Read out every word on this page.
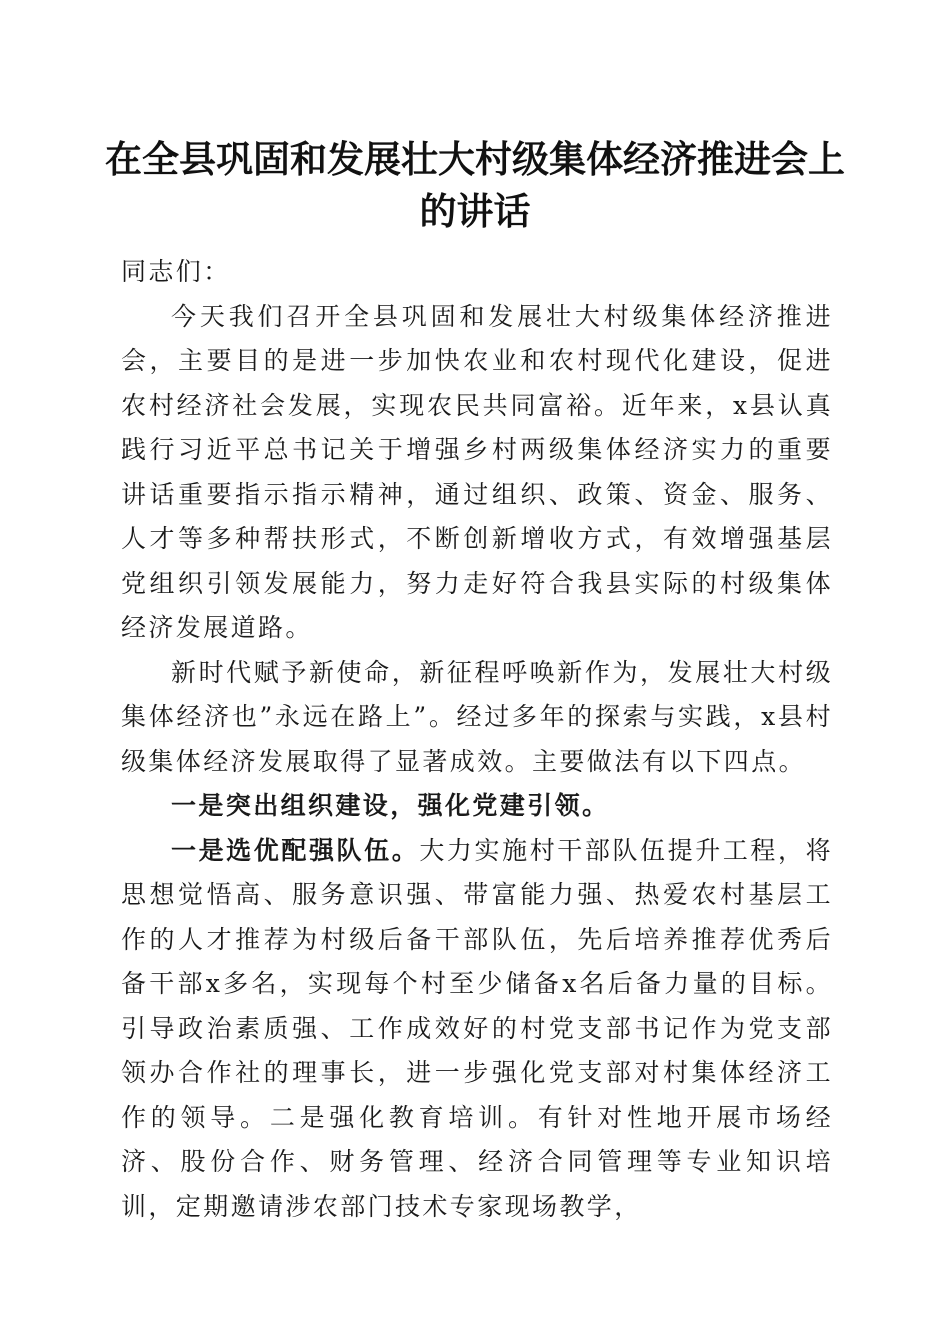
在全县巩固和发展壮大村级集体经济推进会上
的讲话

同志们：

今天我们召开全县巩固和发展壮大村级集体经济推进会，主要目的是进一步加快农业和农村现代化建设，促进农村经济社会发展，实现农民共同富裕。近年来，x县认真践行习近平总书记关于增强乡村两级集体经济实力的重要讲话重要指示指示精神，通过组织、政策、资金、服务、人才等多种帮扶形式，不断创新增收方式，有效增强基层党组织引领发展能力，努力走好符合我县实际的村级集体经济发展道路。

新时代赋予新使命，新征程呼唤新作为，发展壮大村级集体经济也”永远在路上”。经过多年的探索与实践，x县村级集体经济发展取得了显著成效。主要做法有以下四点。

一是突出组织建设，强化党建引领。

一是选优配强队伍。大力实施村干部队伍提升工程，将思想觉悟高、服务意识强、带富能力强、热爱农村基层工作的人才推荐为村级后备干部队伍，先后培养推荐优秀后备干部x多名，实现每个村至少储备x名后备力量的目标。引导政治素质强、工作成效好的村党支部书记作为党支部领办合作社的理事长，进一步强化党支部对村集体经济工作的领导。二是强化教育培训。有针对性地开展市场经济、股份合作、财务管理、经济合同管理等专业知识培训，定期邀请涉农部门技术专家现场教学，
